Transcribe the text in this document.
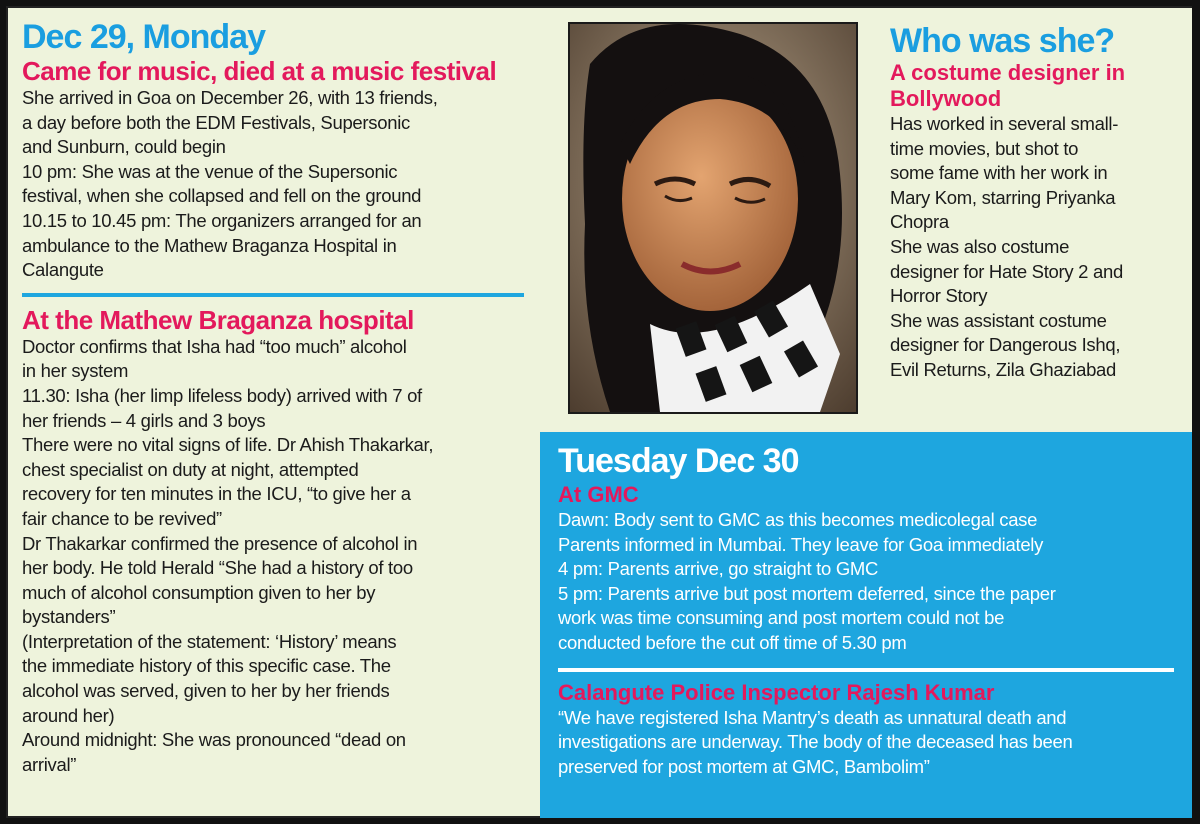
Dec 29, Monday
Came for music, died at a music festival

She arrived in Goa on December 26, with 13 friends,

a day before both the EDM Festivals, Supersonic

and Sunburn, could begin

10 pm: She was at the venue of the Supersonic

festival, when she collapsed and fell on the ground

10.15 to 10.45 pm: The organizers arranged for an

ambulance to the Mathew Braganza Hospital in

Calangute

At the Mathew Braganza hospital

Doctor confirms that Isha had “too much” alcohol

in her system

11.30: Isha (her limp lifeless body) arrived with 7 of

her friends – 4 girls and 3 boys

There were no vital signs of life. Dr Ahish Thakarkar,

chest specialist on duty at night, attempted

recovery for ten minutes in the ICU, “to give her a

fair chance to be revived”

Dr Thakarkar confirmed the presence of alcohol in

her body. He told Herald “She had a history of too

much of alcohol consumption given to her by

bystanders”

(Interpretation of the statement: ‘History’ means

the immediate history of this specific case. The

alcohol was served, given to her by her friends

around her)

Around midnight: She was pronounced “dead on

arrival”

Who was she?
A costume designer in
Bollywood

Has worked in several small-

time movies, but shot to

some fame with her work in

Mary Kom, starring Priyanka

Chopra

She was also costume

designer for Hate Story 2 and

Horror Story

She was assistant costume

designer for Dangerous Ishq,

Evil Returns, Zila Ghaziabad

Tuesday Dec 30
At GMC

Dawn: Body sent to GMC as this becomes medicolegal case

Parents informed in Mumbai. They leave for Goa immediately

4 pm: Parents arrive, go straight to GMC

5 pm: Parents arrive but post mortem deferred, since the paper

work was time consuming and post mortem could not be

conducted before the cut off time of 5.30 pm

Calangute Police Inspector Rajesh Kumar

“We have registered Isha Mantry’s death as unnatural death and

investigations are underway. The body of the deceased has been

preserved for post mortem at GMC, Bambolim”
